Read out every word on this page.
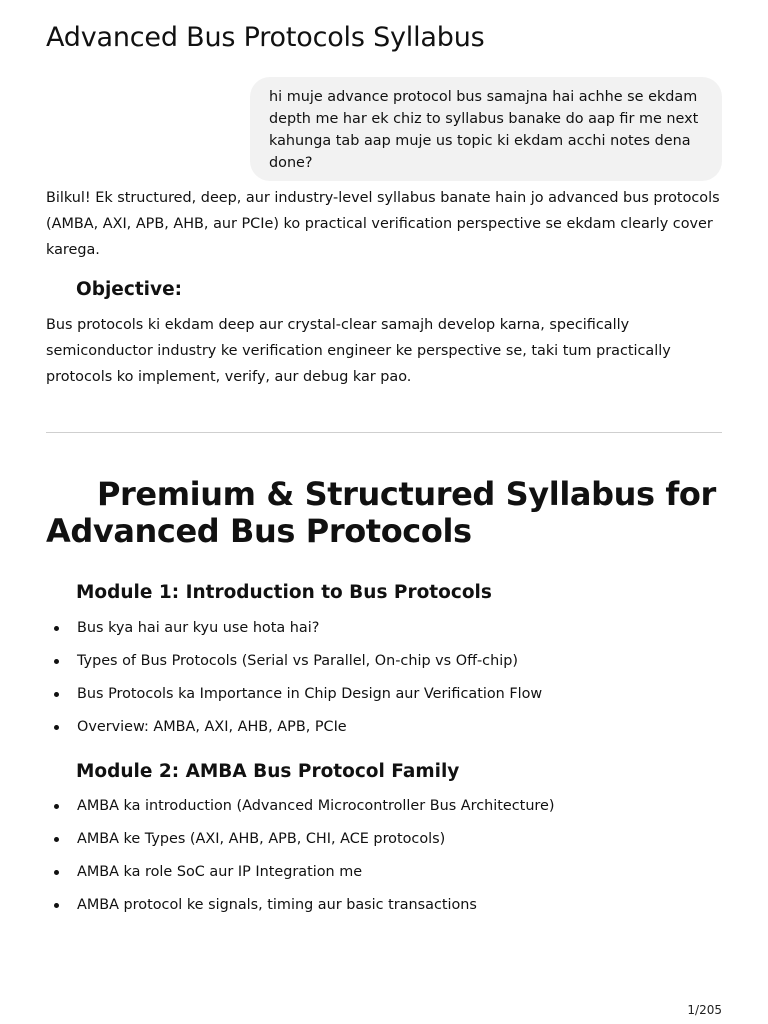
Advanced Bus Protocols Syllabus
hi muje advance protocol bus samajna hai achhe se ekdam depth me har ek chiz to syllabus banake do aap fir me next kahunga tab aap muje us topic ki ekdam acchi notes dena done?

Bilkul! Ek structured, deep, aur industry-level syllabus banate hain jo advanced bus protocols (AMBA, AXI, APB, AHB, aur PCIe) ko practical verification perspective se ekdam clearly cover karega.

Objective:

Bus protocols ki ekdam deep aur crystal-clear samajh develop karna, specifically semiconductor industry ke verification engineer ke perspective se, taki tum practically protocols ko implement, verify, aur debug kar pao.

Premium & Structured Syllabus for Advanced Bus Protocols
Module 1: Introduction to Bus Protocols
Bus kya hai aur kyu use hota hai?
Types of Bus Protocols (Serial vs Parallel, On-chip vs Off-chip)
Bus Protocols ka Importance in Chip Design aur Verification Flow
Overview: AMBA, AXI, AHB, APB, PCIe
Module 2: AMBA Bus Protocol Family
AMBA ka introduction (Advanced Microcontroller Bus Architecture)
AMBA ke Types (AXI, AHB, APB, CHI, ACE protocols)
AMBA ka role SoC aur IP Integration me
AMBA protocol ke signals, timing aur basic transactions
1/205
